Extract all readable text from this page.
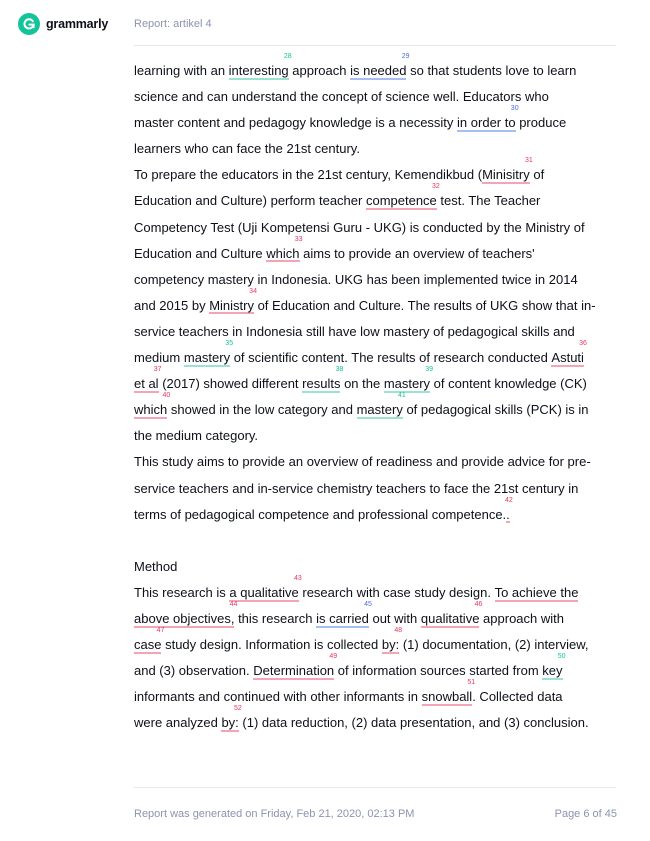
grammarly Report: artikel 4
learning with an interesting
28
approach is needed
29
so that students love to learn
science and can understand the concept of science well. Educators who
master content and pedagogy knowledge is a necessity in order to
30
produce
learners who can face the 21st century.
To prepare the educators in the 21st century, Kemendikbud (Minisitry
31
of
Education and Culture) perform teacher competence
32
test. The Teacher
Competency Test (Uji Kompetensi Guru - UKG) is conducted by the Ministry of
Education and Culture which
33
aims to provide an overview of teachers'
competency mastery in Indonesia. UKG has been implemented twice in 2014
and 2015 by Ministry
34
of Education and Culture. The results of UKG show that in-
service teachers in Indonesia still have low mastery of pedagogical skills and
medium mastery
35
of scientific content. The results of research conducted Astuti
36
et al
37
(2017) showed different results
38
on the mastery
39
of content knowledge (CK)
which
40
showed in the low category and mastery
41
of pedagogical skills (PCK) is in
the medium category.
This study aims to provide an overview of readiness and provide advice for pre-
service teachers and in-service chemistry teachers to face the 21st century in
terms of pedagogical competence and professional competence..
42
Method
This research is a qualitative
43
research with case study design. To achieve the
above objectives,
44
this research is carried
45
out with qualitative
46
approach with
case
47
study design. Information is collected by:
48
(1) documentation, (2) interview,
and (3) observation. Determination
49
of information sources started from key
50
informants and continued with other informants in snowball
51
. Collected data
were analyzed by:
52
(1) data reduction, (2) data presentation, and (3) conclusion.
Report was generated on Friday, Feb 21, 2020, 02:13 PM	Page 6 of 45
